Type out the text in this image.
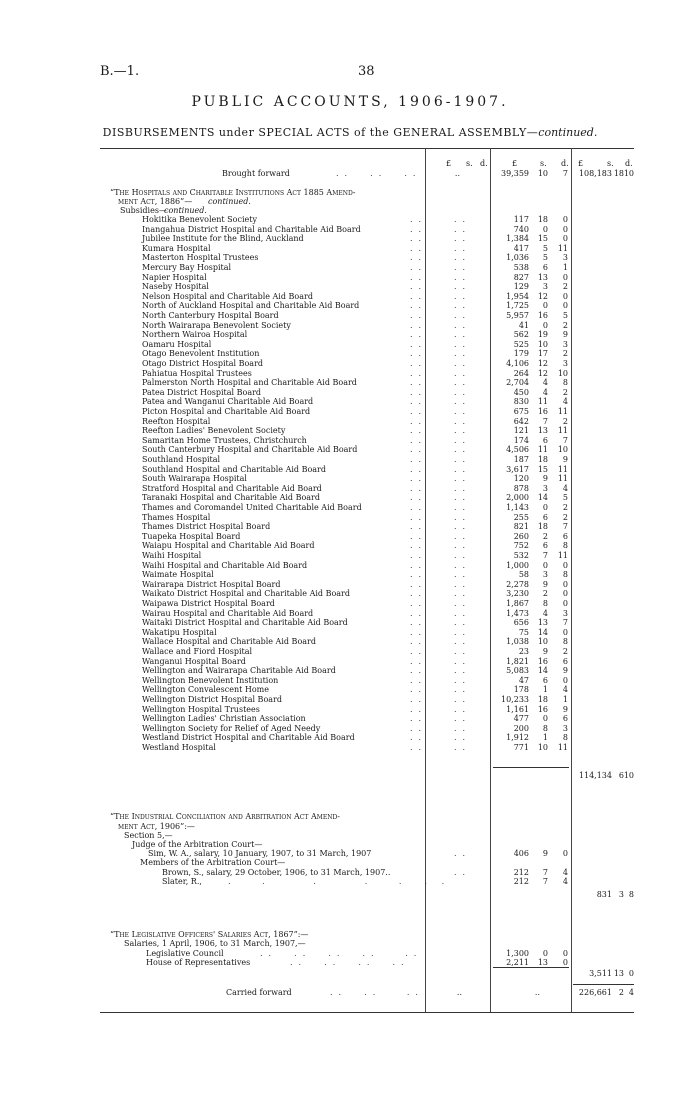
B.—1.	38
PUBLIC ACCOUNTS, 1906-1907.
DISBURSEMENTS under SPECIAL ACTS of the GENERAL ASSEMBLY—continued.
£ s. d.	£	s. d. £	s. d.
Brought forward	..  ..  ..	..	39,359	10	7	108,183 18 10
“The Hospitals and Charitable Institutions Act 1885 Amend-
ment Act, 1886”— continued.
Subsidies—
continued.
Hokitika Benevolent Society	..	..	117	18	0
Inangahua District Hospital and Charitable Aid Board	..	..	740	0	0
Jubilee Institute for the Blind, Auckland	..	..	1,384	15	0
Kumara Hospital	..	..	417	5	11
Masterton Hospital Trustees	..	..	1,036	5	3
Mercury Bay Hospital	..	..	538	6	1
Napier Hospital	..	..	827	13	0
Naseby Hospital	..	..	129	3	2
Nelson Hospital and Charitable Aid Board	..	..	1,954	12	0
North of Auckland Hospital and Charitable Aid Board	..	..	1,725	0	0
North Canterbury Hospital Board	..	..	5,957	16	5
North Wairarapa Benevolent Society	..	..	41	0	2
Northern Wairoa Hospital	..	..	562	19	9
Oamaru Hospital	..	..	525	10	3
Otago Benevolent Institution	..	..	179	17	2
Otago District Hospital Board	..	..	4,106	12	3
Pahiatua Hospital Trustees	..	..	264	12	10
Palmerston North Hospital and Charitable Aid Board	..	..	2,704	4	8
Patea District Hospital Board	..	..	450	4	2
Patea and Wanganui Charitable Aid Board	..	..	830	11	4
Picton Hospital and Charitable Aid Board	..	..	675	16	11
Reefton Hospital	..	..	642	7	2
Reefton Ladies' Benevolent Society	..	..	121	13	11
Samaritan Home Trustees, Christchurch	..	..	174	6	7
South Canterbury Hospital and Charitable Aid Board	..	..	4,506	11	10
Southland Hospital	..	..	187	18	9
Southland Hospital and Charitable Aid Board	..	..	3,617	15	11
South Wairarapa Hospital	..	..	120	9	11
Stratford Hospital and Charitable Aid Board	..	..	878	3	4
Taranaki Hospital and Charitable Aid Board	..	..	2,000	14	5
Thames and Coromandel United Charitable Aid Board	..	..	1,143	0	2
Thames Hospital	..	..	255	6	2
Thames District Hospital Board	..	..	821	18	7
Tuapeka Hospital Board	..	..	260	2	6
Waiapu Hospital and Charitable Aid Board	..	..	752	6	8
Waihi Hospital	..	..	532	7	11
Waihi Hospital and Charitable Aid Board	..	..	1,000	0	0
Waimate Hospital	..	..	58	3	8
Wairarapa District Hospital Board	..	..	2,278	9	0
Waikato District Hospital and Charitable Aid Board	..	..	3,230	2	0
Waipawa District Hospital Board	..	..	1,867	8	0
Wairau Hospital and Charitable Aid Board	..	..	1,473	4	3
Waitaki District Hospital and Charitable Aid Board	..	..	656	13	7
Wakatipu Hospital	..	..	75	14	0
Wallace Hospital and Charitable Aid Board	..	..	1,038	10	8
Wallace and Fiord Hospital	..	..	23	9	2
Wanganui Hospital Board	..	..	1,821	16	6
Wellington and Wairarapa Charitable Aid Board	..	..	5,083	14	9
Wellington Benevolent Institution	..	..	47	6	0
Wellington Convalescent Home	..	..	178	1	4
Wellington District Hospital Board	..	..	10,233	18	1
Wellington Hospital Trustees	..	..	1,161	16	9
Wellington Ladies' Christian Association	..	..	477	0	6
Wellington Society for Relief of Aged Needy	..	..	200	8	3
Westland District Hospital and Charitable Aid Board	..	..	1,912	1	8
Westland Hospital	..	..	771	10	11
114,134 6 10
“The Industrial Conciliation and Arbitration Act Amend-
ment Act, 1906”:—
Section 5,—
Judge of the Arbitration Court—
Sim, W. A., salary, 10 January, 1907, to 31 March, 1907	..	406	9	0
Members of the Arbitration Court—
Brown, S., salary, 29 October, 1906, to 31 March, 1907..	..	212	7	4
Slater, R.,	.   .     .     .   .  . .	212	7	4
831 3 8
“The Legislative Officers' Salaries Act, 1867”:—
Salaries, 1 April, 1906, to 31 March, 1907,—
Legislative Council	..  ..  ..  ..   ..	1,300	0	0
House of Representatives	..  ..  ..  ..	2,211	13	0
3,511 13 0
Carried forward	..  ..   ..	..	..	226,661 2 4
